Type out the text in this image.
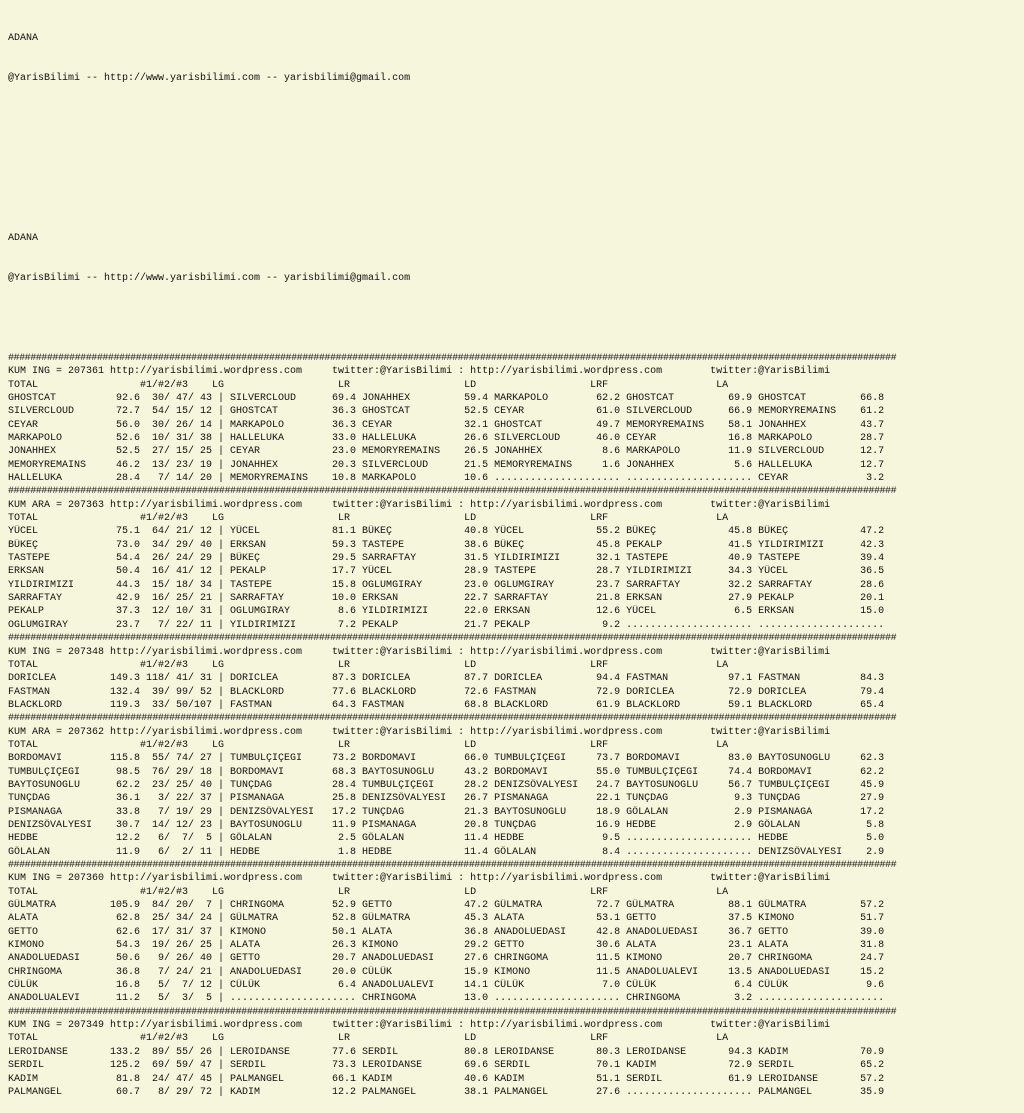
ADANA

@YarisBilimi -- http://www.yarisbilimi.com -- yarisbilimi@gmail.com

ADANA

@YarisBilimi -- http://www.yarisbilimi.com -- yarisbilimi@gmail.com

################################################################################################################################################################
KUM ING = 207361 http://yarisbilimi.wordpress.com     twitter:@YarisBilimi : http://yarisbilimi.wordpress.com        twitter:@YarisBilimi
TOTAL                 #1/#2/#3    LG                   LR                   LD                   LRF                  LA
GHOSTCAT          92.6  30/ 47/ 43 | SILVERCLOUD      69.4 JONAHHEX         59.4 MARKAPOLO        62.2 GHOSTCAT         69.9 GHOSTCAT         66.8
SILVERCLOUD       72.7  54/ 15/ 12 | GHOSTCAT         36.3 GHOSTCAT         52.5 CEYAR            61.0 SILVERCLOUD      66.9 MEMORYREMAINS    61.2
CEYAR             56.0  30/ 26/ 14 | MARKAPOLO        36.3 CEYAR            32.1 GHOSTCAT         49.7 MEMORYREMAINS    58.1 JONAHHEX         43.7
MARKAPOLO         52.6  10/ 31/ 38 | HALLELUKA        33.0 HALLELUKA        26.6 SILVERCLOUD      46.0 CEYAR            16.8 MARKAPOLO        28.7
JONAHHEX          52.5  27/ 15/ 25 | CEYAR            23.0 MEMORYREMAINS    26.5 JONAHHEX          8.6 MARKAPOLO        11.9 SILVERCLOUD      12.7
MEMORYREMAINS     46.2  13/ 23/ 19 | JONAHHEX         20.3 SILVERCLOUD      21.5 MEMORYREMAINS     1.6 JONAHHEX          5.6 HALLELUKA        12.7
HALLELUKA         28.4   7/ 14/ 20 | MEMORYREMAINS    10.8 MARKAPOLO        10.6 ..................... ..................... CEYAR             3.2
################################################################################################################################################################
KUM ARA = 207363 http://yarisbilimi.wordpress.com     twitter:@YarisBilimi : http://yarisbilimi.wordpress.com        twitter:@YarisBilimi
TOTAL                 #1/#2/#3    LG                   LR                   LD                   LRF                  LA
YÜCEL             75.1  64/ 21/ 12 | YÜCEL            81.1 BÜKEÇ            40.8 YÜCEL            55.2 BÜKEÇ            45.8 BÜKEÇ            47.2
BÜKEÇ             73.0  34/ 29/ 40 | ERKSAN           59.3 TASTEPE          38.6 BÜKEÇ            45.8 PEKALP           41.5 YILDIRIMIZI      42.3
TASTEPE           54.4  26/ 24/ 29 | BÜKEÇ            29.5 SARRAFTAY        31.5 YILDIRIMIZI      32.1 TASTEPE          40.9 TASTEPE          39.4
ERKSAN            50.4  16/ 41/ 12 | PEKALP           17.7 YÜCEL            28.9 TASTEPE          28.7 YILDIRIMIZI      34.3 YÜCEL            36.5
YILDIRIMIZI       44.3  15/ 18/ 34 | TASTEPE          15.8 OGLUMGIRAY       23.0 OGLUMGIRAY       23.7 SARRAFTAY        32.2 SARRAFTAY        28.6
SARRAFTAY         42.9  16/ 25/ 21 | SARRAFTAY        10.0 ERKSAN           22.7 SARRAFTAY        21.8 ERKSAN           27.9 PEKALP           20.1
PEKALP            37.3  12/ 10/ 31 | OGLUMGIRAY        8.6 YILDIRIMIZI      22.0 ERKSAN           12.6 YÜCEL             6.5 ERKSAN           15.0
OGLUMGIRAY        23.7   7/ 22/ 11 | YILDIRIMIZI       7.2 PEKALP           21.7 PEKALP            9.2 ..................... .....................
################################################################################################################################################################
KUM ING = 207348 http://yarisbilimi.wordpress.com     twitter:@YarisBilimi : http://yarisbilimi.wordpress.com        twitter:@YarisBilimi
TOTAL                 #1/#2/#3    LG                   LR                   LD                   LRF                  LA
DORICLEA         149.3 118/ 41/ 31 | DORICLEA         87.3 DORICLEA         87.7 DORICLEA         94.4 FASTMAN          97.1 FASTMAN          84.3
FASTMAN          132.4  39/ 99/ 52 | BLACKLORD        77.6 BLACKLORD        72.6 FASTMAN          72.9 DORICLEA         72.9 DORICLEA         79.4
BLACKLORD        119.3  33/ 50/107 | FASTMAN          64.3 FASTMAN          68.8 BLACKLORD        61.9 BLACKLORD        59.1 BLACKLORD        65.4
################################################################################################################################################################
KUM ARA = 207362 http://yarisbilimi.wordpress.com     twitter:@YarisBilimi : http://yarisbilimi.wordpress.com        twitter:@YarisBilimi
TOTAL                 #1/#2/#3    LG                   LR                   LD                   LRF                  LA
BORDOMAVI        115.8  55/ 74/ 27 | TUMBULÇIÇEGI     73.2 BORDOMAVI        66.0 TUMBULÇIÇEGI     73.7 BORDOMAVI        83.0 BAYTOSUNOGLU     62.3
TUMBULÇIÇEGI      98.5  76/ 29/ 18 | BORDOMAVI        68.3 BAYTOSUNOGLU     43.2 BORDOMAVI        55.0 TUMBULÇIÇEGI     74.4 BORDOMAVI        62.2
BAYTOSUNOGLU      62.2  23/ 25/ 40 | TUNÇDAG          28.4 TUMBULÇIÇEGI     28.2 DENIZSÖVALYESI   24.7 BAYTOSUNOGLU     56.7 TUMBULÇIÇEGI     45.9
TUNÇDAG           36.1   3/ 22/ 37 | PISMANAGA        25.8 DENIZSÖVALYESI   26.7 PISMANAGA        22.1 TUNÇDAG           9.3 TUNÇDAG          27.9
PISMANAGA         33.8   7/ 19/ 29 | DENIZSÖVALYESI   17.2 TUNÇDAG          21.3 BAYTOSUNOGLU     18.9 GÖLALAN           2.9 PISMANAGA        17.2
DENIZSÖVALYESI    30.7  14/ 12/ 23 | BAYTOSUNOGLU     11.9 PISMANAGA        20.8 TUNÇDAG          16.9 HEDBE             2.9 GÖLALAN           5.8
HEDBE             12.2   6/  7/  5 | GÖLALAN           2.5 GÖLALAN          11.4 HEDBE             9.5 ..................... HEDBE             5.0
GÖLALAN           11.9   6/  2/ 11 | HEDBE             1.8 HEDBE            11.4 GÖLALAN           8.4 ..................... DENIZSÖVALYESI    2.9
################################################################################################################################################################
KUM ING = 207360 http://yarisbilimi.wordpress.com     twitter:@YarisBilimi : http://yarisbilimi.wordpress.com        twitter:@YarisBilimi
TOTAL                 #1/#2/#3    LG                   LR                   LD                   LRF                  LA
GÜLMATRA         105.9  84/ 20/  7 | CHRINGOMA        52.9 GETTO            47.2 GÜLMATRA         72.7 GÜLMATRA         88.1 GÜLMATRA         57.2
ALATA             62.8  25/ 34/ 24 | GÜLMATRA         52.8 GÜLMATRA         45.3 ALATA            53.1 GETTO            37.5 KIMONO           51.7
GETTO             62.6  17/ 31/ 37 | KIMONO           50.1 ALATA            36.8 ANADOLUEDASI     42.8 ANADOLUEDASI     36.7 GETTO            39.0
KIMONO            54.3  19/ 26/ 25 | ALATA            26.3 KIMONO           29.2 GETTO            30.6 ALATA            23.1 ALATA            31.8
ANADOLUEDASI      50.6   9/ 26/ 40 | GETTO            20.7 ANADOLUEDASI     27.6 CHRINGOMA        11.5 KIMONO           20.7 CHRINGOMA        24.7
CHRINGOMA         36.8   7/ 24/ 21 | ANADOLUEDASI     20.0 CÜLÜK            15.9 KIMONO           11.5 ANADOLUALEVI     13.5 ANADOLUEDASI     15.2
CÜLÜK             16.8   5/  7/ 12 | CÜLÜK             6.4 ANADOLUALEVI     14.1 CÜLÜK             7.0 CÜLÜK             6.4 CÜLÜK             9.6
ANADOLUALEVI      11.2   5/  3/  5 | ..................... CHRINGOMA        13.0 ..................... CHRINGOMA         3.2 .....................
################################################################################################################################################################
KUM ING = 207349 http://yarisbilimi.wordpress.com     twitter:@YarisBilimi : http://yarisbilimi.wordpress.com        twitter:@YarisBilimi
TOTAL                 #1/#2/#3    LG                   LR                   LD                   LRF                  LA
LEROIDANSE       133.2  89/ 55/ 26 | LEROIDANSE       77.6 SERDIL           80.8 LEROIDANSE       80.3 LEROIDANSE       94.3 KADIM            70.9
SERDIL           125.2  69/ 59/ 47 | SERDIL           73.3 LEROIDANSE       69.6 SERDIL           70.1 KADIM            72.9 SERDIL           65.2
KADIM             81.8  24/ 47/ 45 | PALMANGEL        66.1 KADIM            40.6 KADIM            51.1 SERDIL           61.9 LEROIDANSE       57.2
PALMANGEL         60.7   8/ 29/ 72 | KADIM            12.2 PALMANGEL        38.1 PALMANGEL        27.6 ..................... PALMANGEL        35.9
